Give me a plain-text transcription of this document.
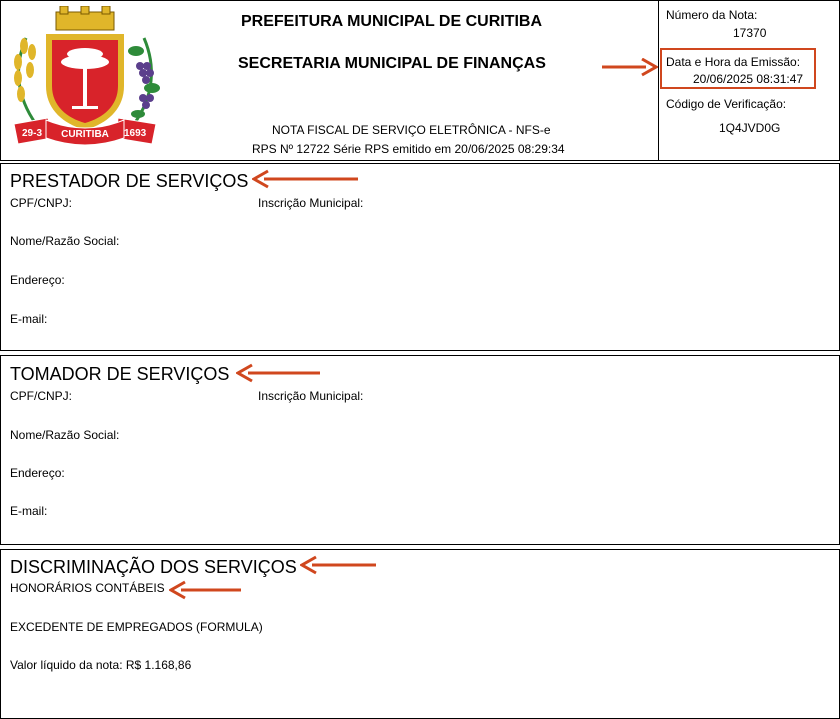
29-3 CURITIBA 1693
PREFEITURA MUNICIPAL DE CURITIBA
SECRETARIA MUNICIPAL DE FINANÇAS
NOTA FISCAL DE SERVIÇO ELETRÔNICA - NFS-e
RPS Nº 12722 Série RPS emitido em 20/06/2025 08:29:34
Número da Nota:
17370
Data e Hora da Emissão:
20/06/2025 08:31:47
Código de Verificação:
1Q4JVD0G
PRESTADOR DE SERVIÇOS
CPF/CNPJ:	Inscrição Municipal:
Nome/Razão Social:
Endereço:
E-mail:
TOMADOR DE SERVIÇOS
CPF/CNPJ:	Inscrição Municipal:
Nome/Razão Social:
Endereço:
E-mail:
DISCRIMINAÇÃO DOS SERVIÇOS
HONORÁRIOS CONTÁBEIS
EXCEDENTE DE EMPREGADOS (FORMULA)
Valor líquido da nota: R$ 1.168,86
